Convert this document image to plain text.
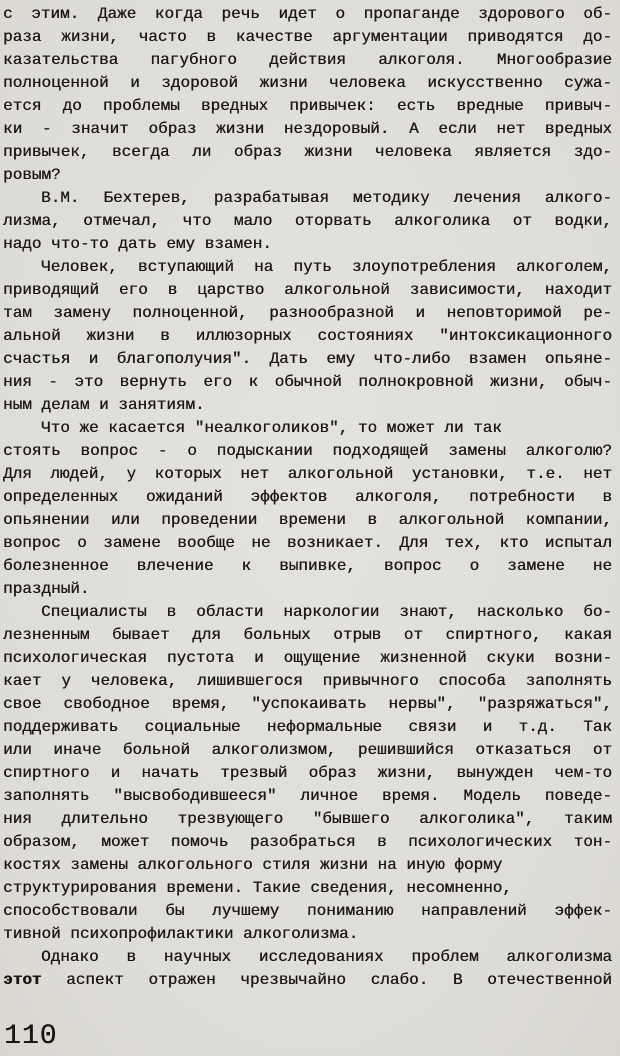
с этим. Даже когда речь идет о пропаганде здорового об-
раза жизни, часто в качестве аргументации приводятся до-
казательства пагубного действия алкоголя. Многообразие
полноценной и здоровой жизни человека искусственно сужа-
ется до проблемы вредных привычек: есть вредные привыч-
ки - значит образ жизни нездоровый. А если нет вредных
привычек, всегда ли образ жизни человека является здо-
ровым?
В.М. Бехтерев, разрабатывая методику лечения алкого-
лизма, отмечал, что мало оторвать алкоголика от водки,
надо что-то дать ему взамен.
Человек, вступающий на путь злоупотребления алкоголем,
приводящий его в царство алкогольной зависимости, находит
там замену полноценной, разнообразной и неповторимой ре-
альной жизни в иллюзорных состояниях ″интоксикационного
счастья и благополучия″. Дать ему что-либо взамен опьяне-
ния - это вернуть его к обычной полнокровной жизни, обыч-
ным делам и занятиям.
Что же касается ″неалкоголиков″, то может ли так
стоять вопрос - о подыскании подходящей замены алкоголю?
Для людей, у которых нет алкогольной установки, т.е. нет
определенных ожиданий эффектов алкоголя, потребности в
опьянении или проведении времени в алкогольной компании,
вопрос о замене вообще не возникает. Для тех, кто испытал
болезненное влечение к выпивке, вопрос о замене не
праздный.
Специалисты в области наркологии знают, насколько бо-
лезненным бывает для больных отрыв от спиртного, какая
психологическая пустота и ощущение жизненной скуки возни-
кает у человека, лишившегося привычного способа заполнять
свое свободное время, ″успокаивать нервы″, ″разряжаться″,
поддерживать социальные неформальные связи и т.д. Так
или иначе больной алкоголизмом, решившийся отказаться от
спиртного и начать трезвый образ жизни, вынужден чем-то
заполнять ″высвободившееся″ личное время. Модель поведе-
ния длительно трезвующего ″бывшего алкоголика″, таким
образом, может помочь разобраться в психологических тон-
костях замены алкогольного стиля жизни на иную форму
структурирования времени. Такие сведения, несомненно,
способствовали бы лучшему пониманию направлений эффек-
тивной психопрофилактики алкоголизма.
Однако в научных исследованиях проблем алкоголизма
этот аспект отражен чрезвычайно слабо. В отечественной
110
